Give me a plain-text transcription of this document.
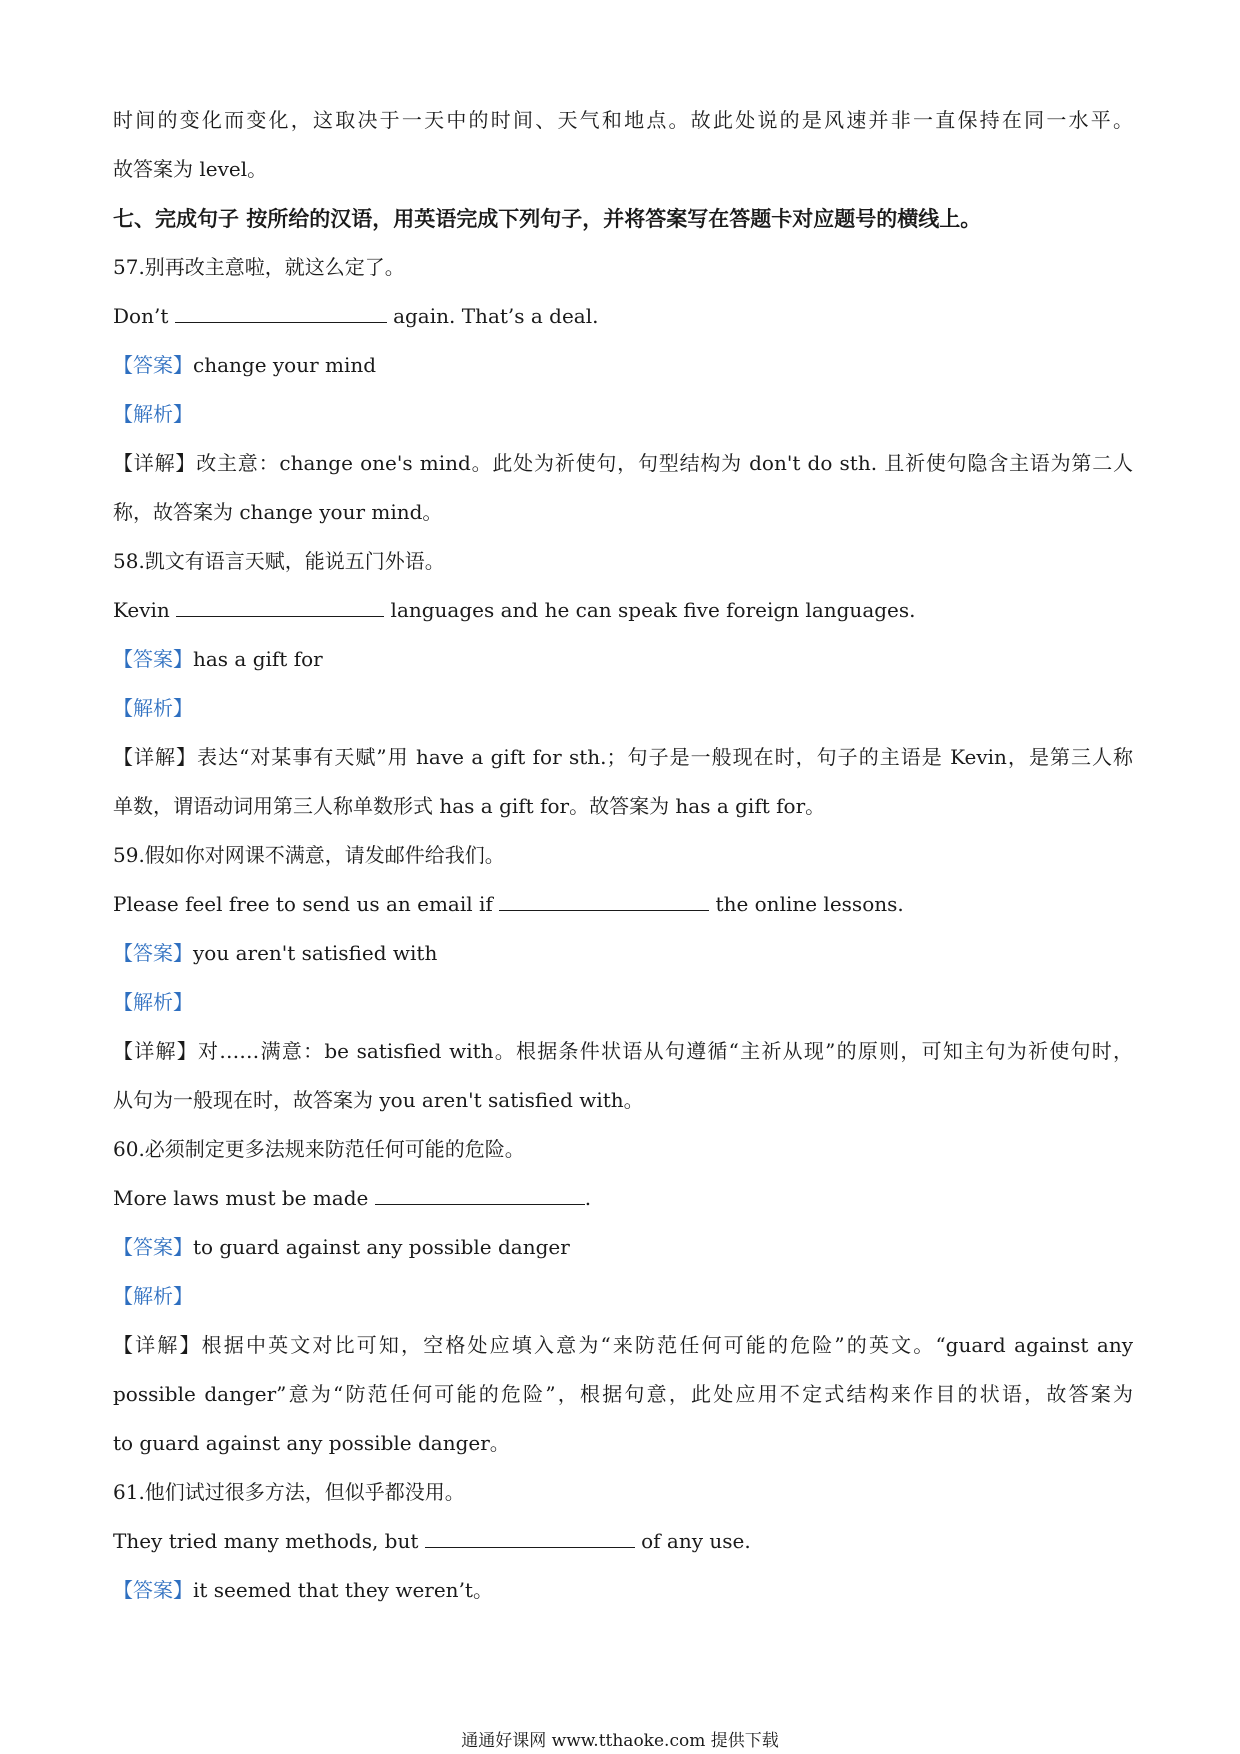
时间的变化而变化，这取决于一天中的时间、天气和地点。故此处说的是风速并非一直保持在同一水平。
故答案为 level。
七、完成句子 按所给的汉语，用英语完成下列句子，并将答案写在答题卡对应题号的横线上。
57.别再改主意啦，就这么定了。
Don’t	again. That’s a deal.
【答案】change your mind
【解析】
【详解】改主意：change one's mind。此处为祈使句，句型结构为 don't do sth. 且祈使句隐含主语为第二人
称，故答案为 change your mind。
58.凯文有语言天赋，能说五门外语。
Kevin	languages and he can speak five foreign languages.
【答案】has a gift for
【解析】
【详解】表达“对某事有天赋”用 have a gift for sth.；句子是一般现在时，句子的主语是 Kevin，是第三人称
单数，谓语动词用第三人称单数形式 has a gift for。故答案为 has a gift for。
59.假如你对网课不满意，请发邮件给我们。
Please feel free to send us an email if	the online lessons.
【答案】you aren't satisfied with
【解析】
【详解】对……满意：be satisfied with。根据条件状语从句遵循“主祈从现”的原则，可知主句为祈使句时，
从句为一般现在时，故答案为 you aren't satisfied with。
60.必须制定更多法规来防范任何可能的危险。
More laws must be made	.
【答案】to guard against any possible danger
【解析】
【详解】根据中英文对比可知，空格处应填入意为“来防范任何可能的危险”的英文。“guard against any
possible danger”意为“防范任何可能的危险”，根据句意，此处应用不定式结构来作目的状语，故答案为
to guard against any possible danger。
61.他们试过很多方法，但似乎都没用。
They tried many methods, but	of any use.
【答案】it seemed that they weren’t。
通通好课网 www.tthaoke.com 提供下载
